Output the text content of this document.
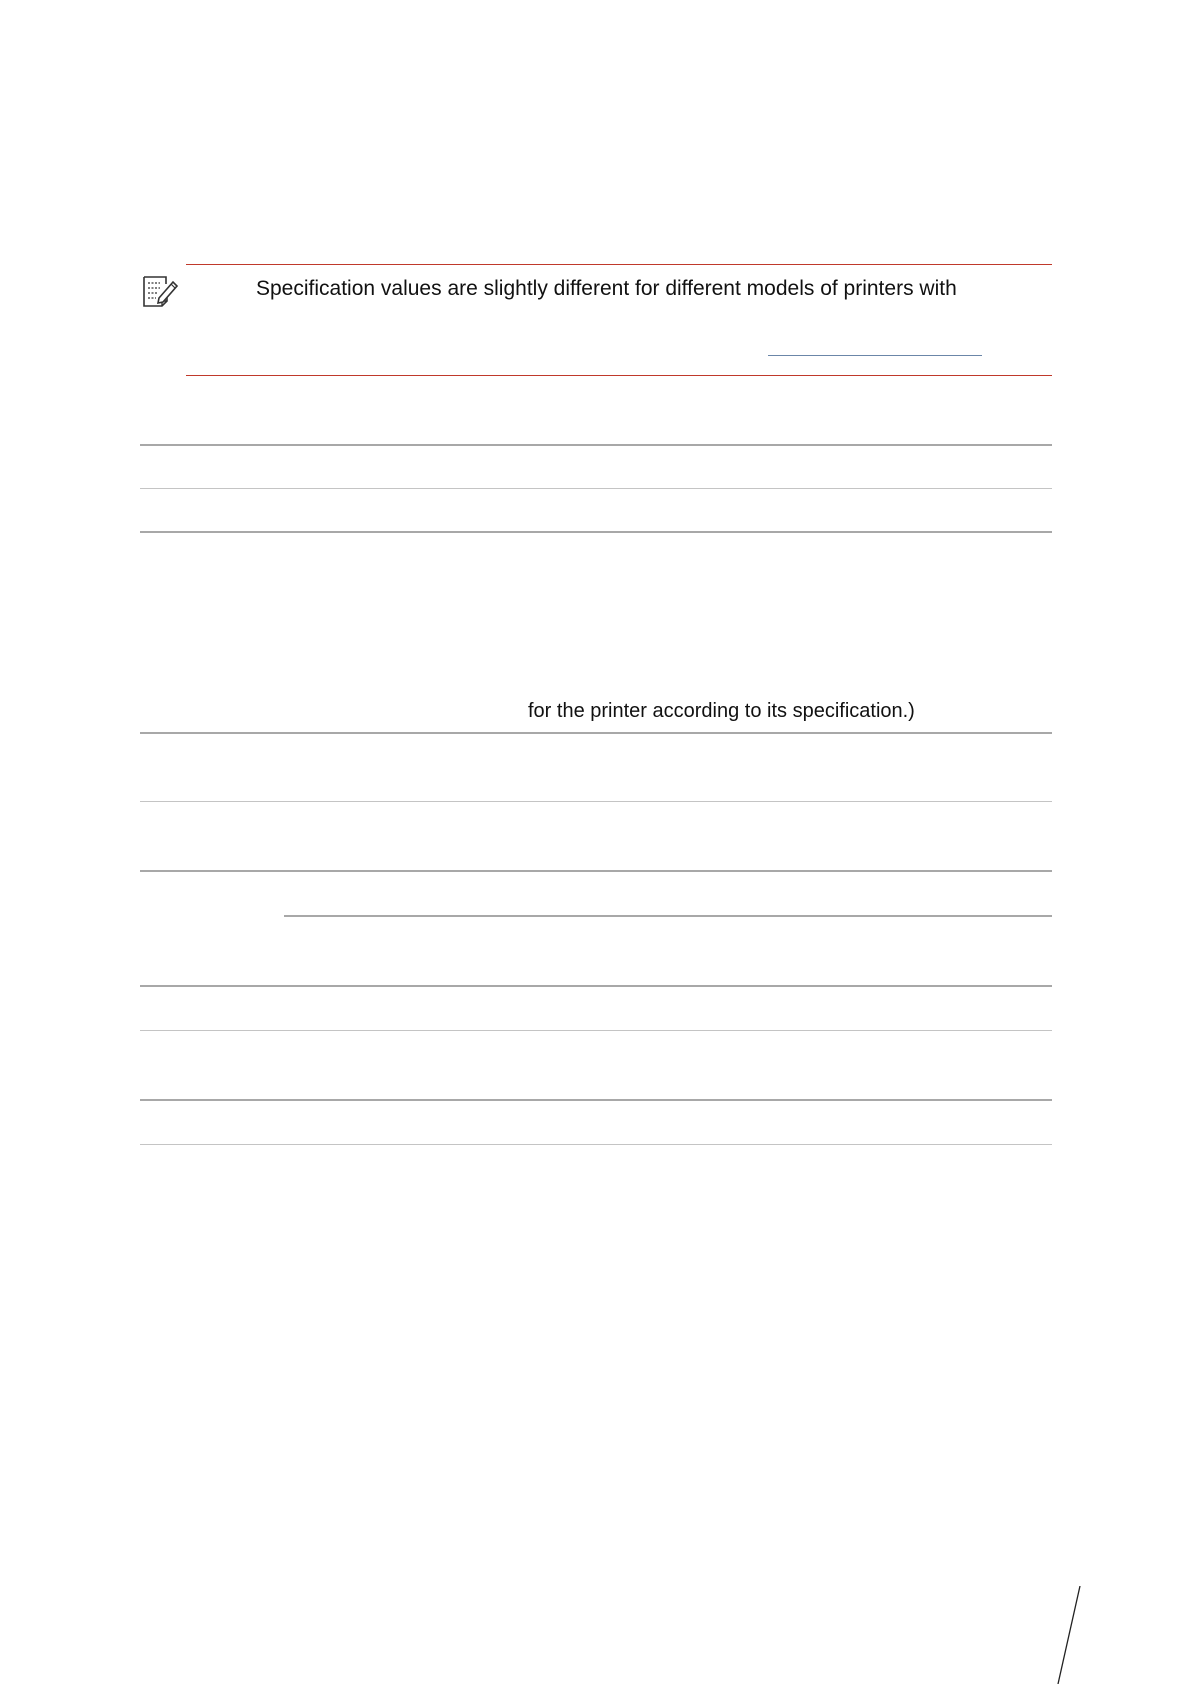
Specification values are slightly different for different models of printers with
for the printer according to its specification.)
